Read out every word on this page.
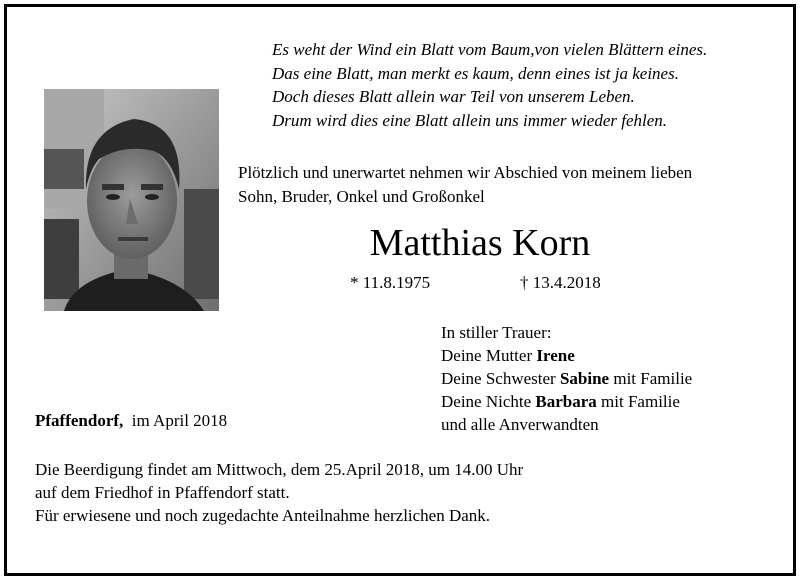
Es weht der Wind ein Blatt vom Baum,von vielen Blättern eines.
Das eine Blatt, man merkt es kaum, denn eines ist ja keines.
Doch dieses Blatt allein war Teil von unserem Leben.
Drum wird dies eine Blatt allein uns immer wieder fehlen.
Plötzlich und unerwartet nehmen wir Abschied von meinem lieben
Sohn, Bruder, Onkel und Großonkel
Matthias Korn
* 11.8.1975	† 13.4.2018
In stiller Trauer:
Deine Mutter Irene
Deine Schwester Sabine mit Familie
Deine Nichte Barbara mit Familie
und alle Anverwandten
Pfaffendorf, im April 2018
Die Beerdigung findet am Mittwoch, dem 25.April 2018, um 14.00 Uhr
auf dem Friedhof in Pfaffendorf statt.
Für erwiesene und noch zugedachte Anteilnahme herzlichen Dank.
